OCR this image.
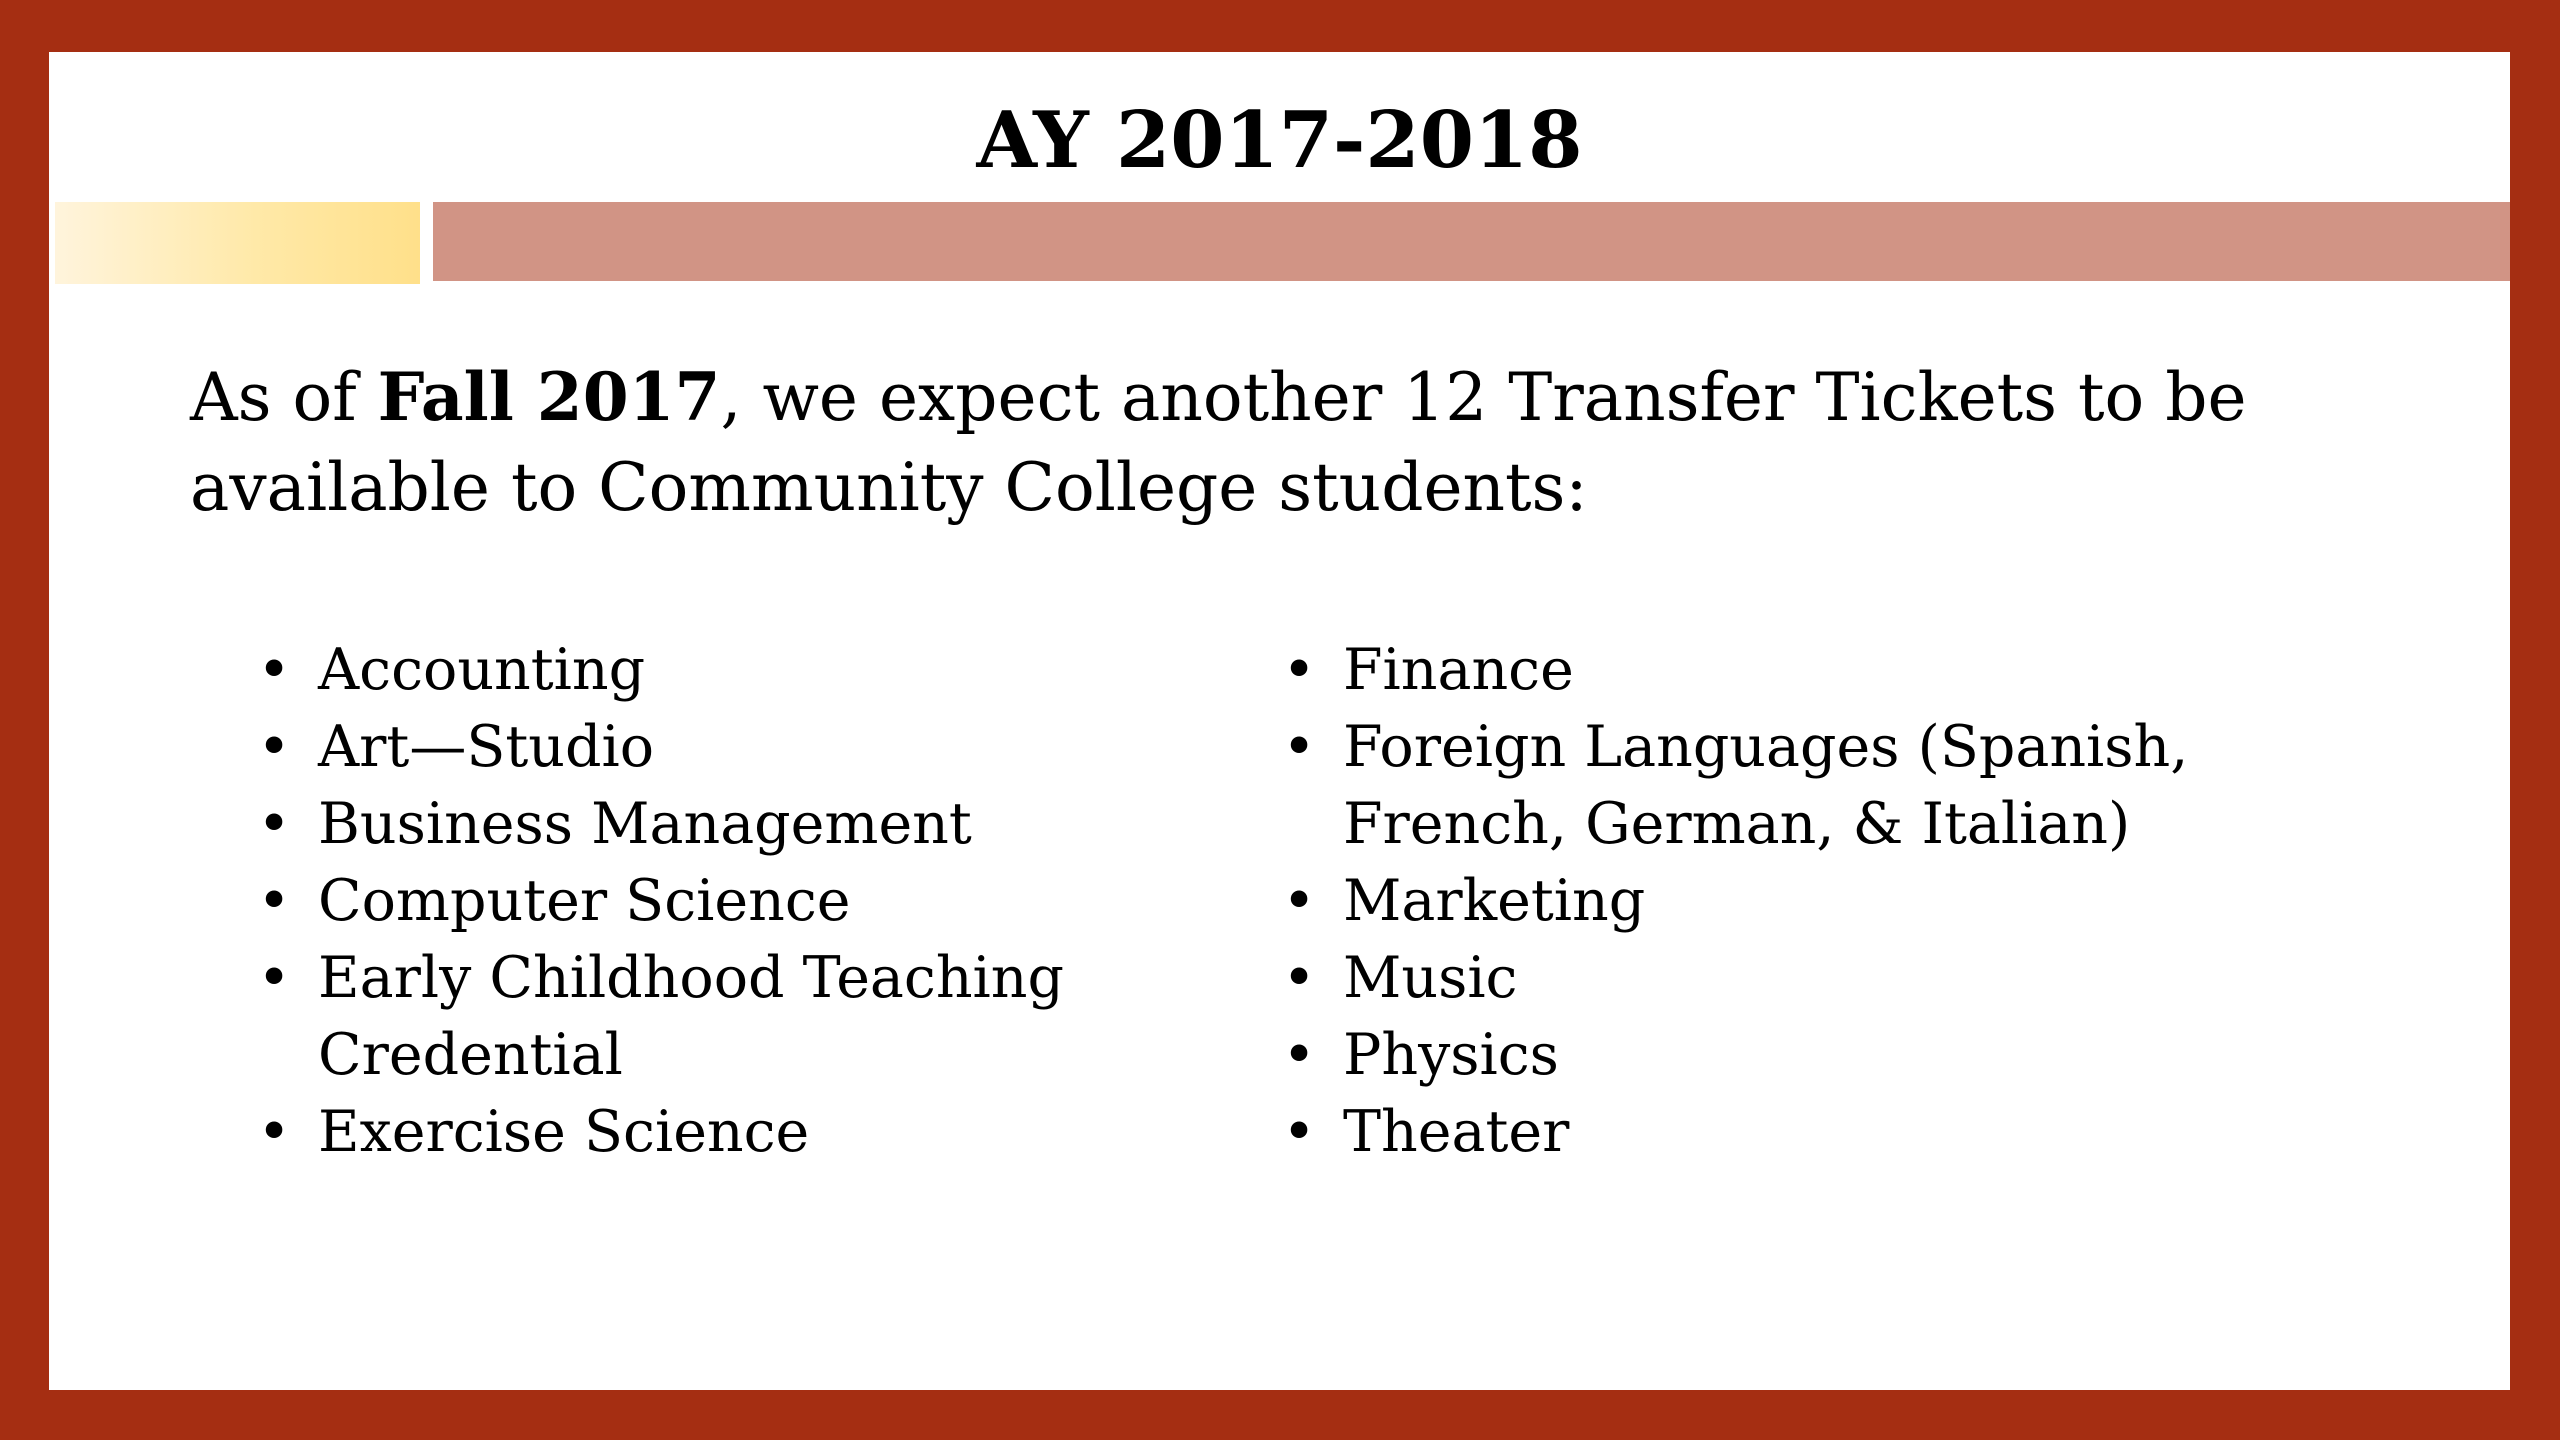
AY 2017-2018

As of Fall 2017, we expect another 12 Transfer Tickets to be available to Community College students:

• Accounting
• Art—Studio
• Business Management
• Computer Science
• Early Childhood Teaching Credential
• Exercise Science
• Finance
• Foreign Languages (Spanish, French, German, & Italian)
• Marketing
• Music
• Physics
• Theater
